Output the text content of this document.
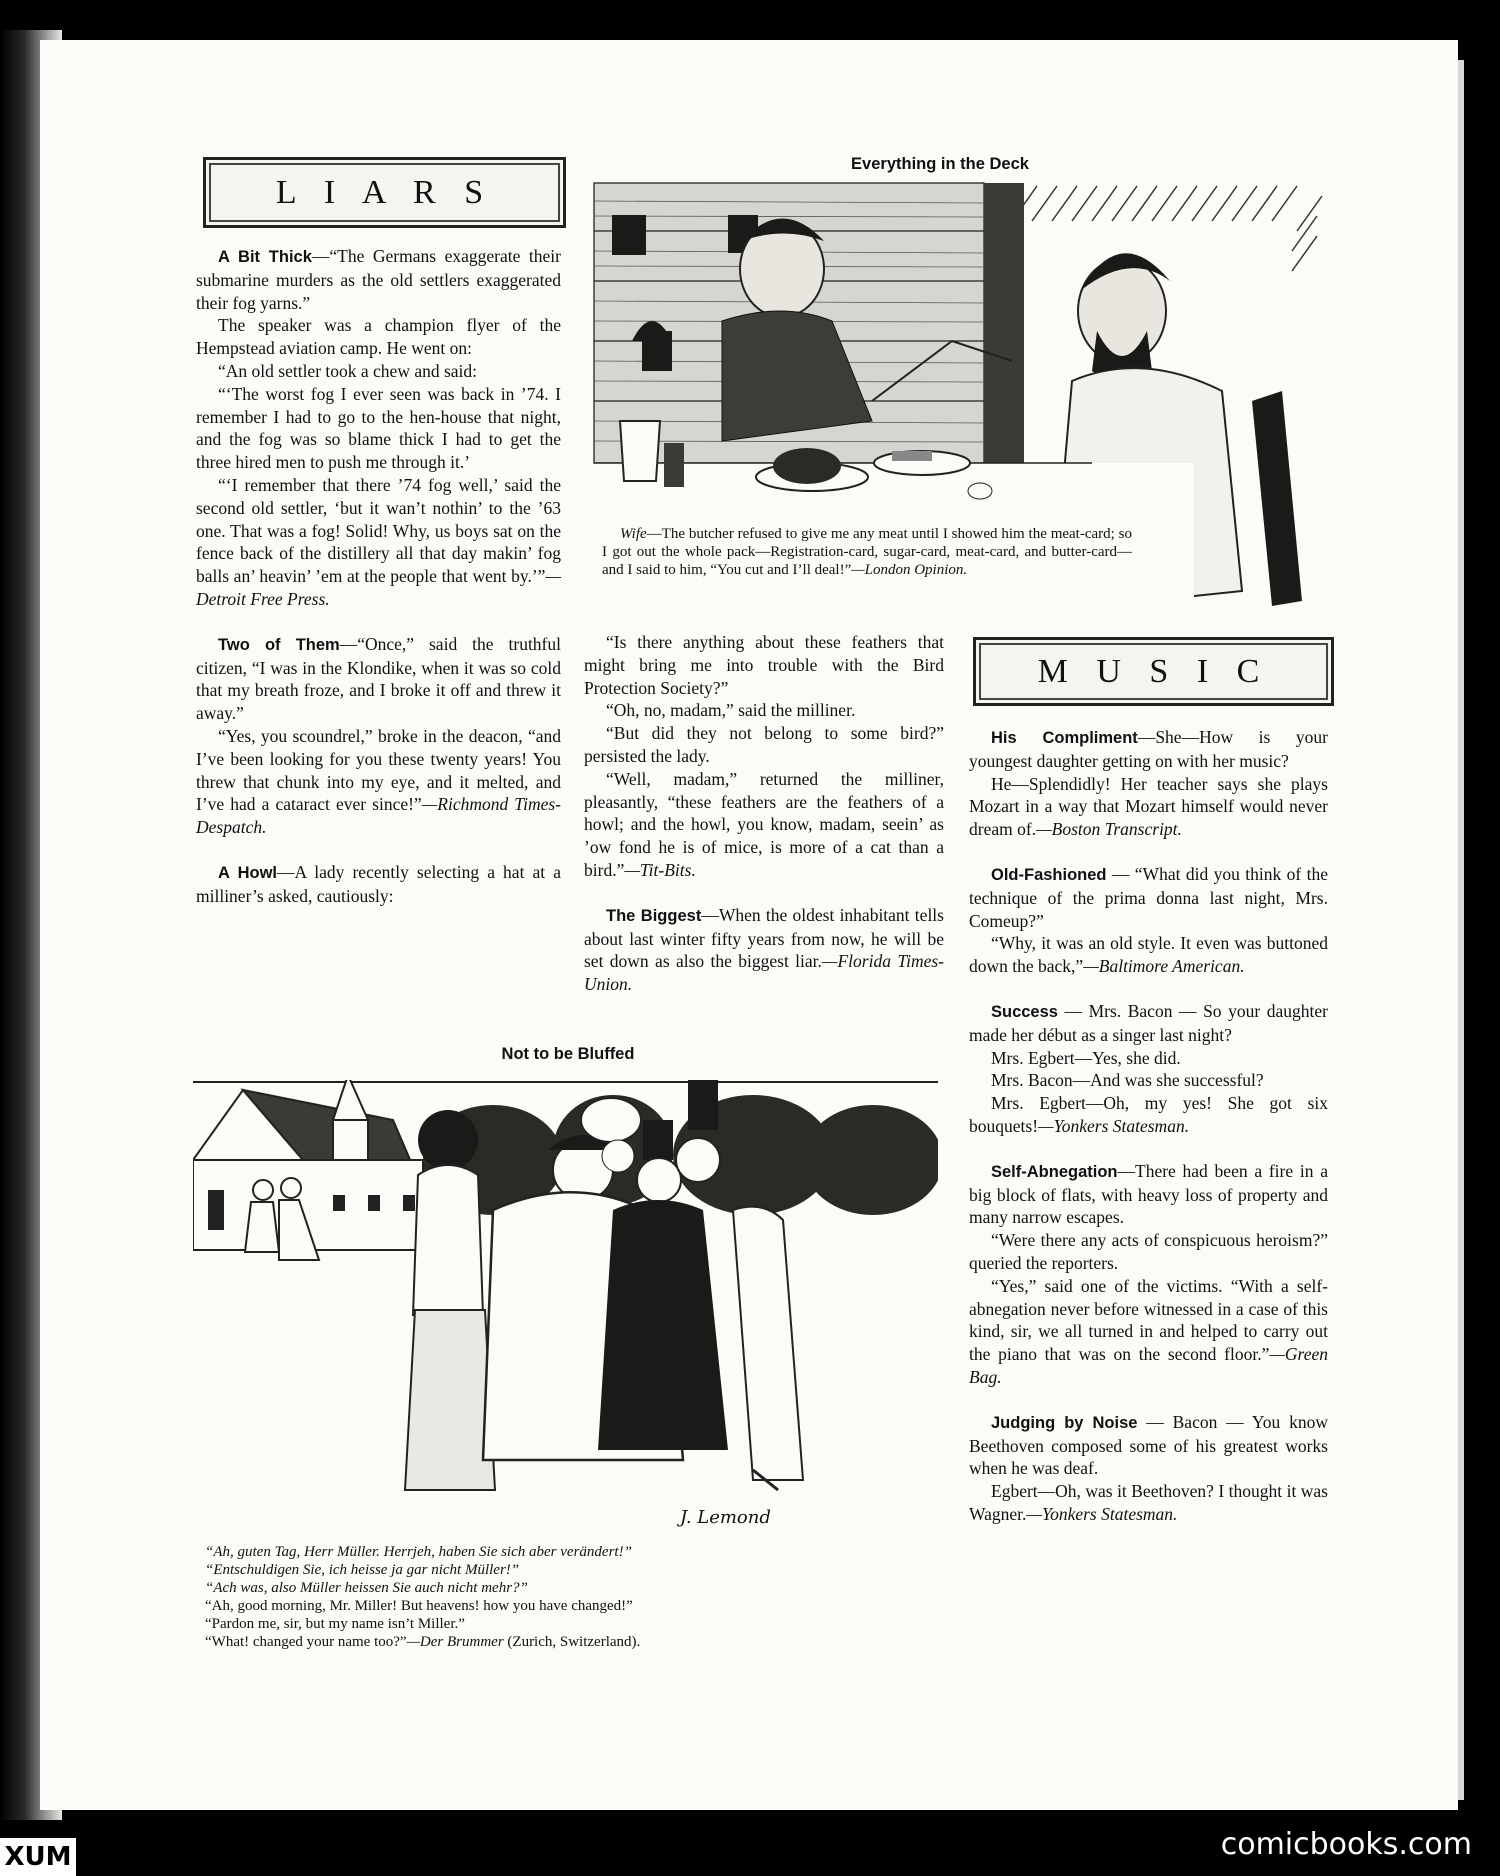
L I A R S

A Bit Thick—“The Germans exaggerate their submarine murders as the old settlers exaggerated their fog yarns.”

The speaker was a champion flyer of the Hempstead aviation camp. He went on:

“An old settler took a chew and said:

“‘The worst fog I ever seen was back in ’74. I remember I had to go to the hen-house that night, and the fog was so blame thick I had to get the three hired men to push me through it.’

“‘I remember that there ’74 fog well,’ said the second old settler, ‘but it wan’t nothin’ to the ’63 one. That was a fog! Solid! Why, us boys sat on the fence back of the distillery all that day makin’ fog balls an’ heavin’ ’em at the people that went by.’”—Detroit Free Press.

Two of Them—“Once,” said the truthful citizen, “I was in the Klondike, when it was so cold that my breath froze, and I broke it off and threw it away.”

“Yes, you scoundrel,” broke in the deacon, “and I’ve been looking for you these twenty years! You threw that chunk into my eye, and it melted, and I’ve had a cataract ever since!”—Richmond Times-Despatch.

A Howl—A lady recently selecting a hat at a milliner’s asked, cautiously:

Everything in the Deck
Wife—The butcher refused to give me any meat until I showed him the meat-card; so I got out the whole pack—Registration-card, sugar-card, meat-card, and butter-card—and I said to him, “You cut and I’ll deal!”—London Opinion.

“Is there anything about these feathers that might bring me into trouble with the Bird Protection Society?”

“Oh, no, madam,” said the milliner.

“But did they not belong to some bird?” persisted the lady.

“Well, madam,” returned the milliner, pleasantly, “these feathers are the feathers of a howl; and the howl, you know, madam, seein’ as ’ow fond he is of mice, is more of a cat than a bird.”—Tit-Bits.

The Biggest—When the oldest inhabitant tells about last winter fifty years from now, he will be set down as also the biggest liar.—Florida Times-Union.

M U S I C

His Compliment—She—How is your youngest daughter getting on with her music?

He—Splendidly! Her teacher says she plays Mozart in a way that Mozart himself would never dream of.—Boston Transcript.

Old-Fashioned — “What did you think of the technique of the prima donna last night, Mrs. Comeup?”

“Why, it was an old style. It even was buttoned down the back,”—Baltimore American.

Success — Mrs. Bacon — So your daughter made her début as a singer last night?

Mrs. Egbert—Yes, she did.

Mrs. Bacon—And was she successful?

Mrs. Egbert—Oh, my yes! She got six bouquets!—Yonkers Statesman.

Self-Abnegation—There had been a fire in a big block of flats, with heavy loss of property and many narrow escapes.

“Were there any acts of conspicuous heroism?” queried the reporters.

“Yes,” said one of the victims. “With a self-abnegation never before witnessed in a case of this kind, sir, we all turned in and helped to carry out the piano that was on the second floor.”—Green Bag.

Judging by Noise — Bacon — You know Beethoven composed some of his greatest works when he was deaf.

Egbert—Oh, was it Beethoven? I thought it was Wagner.—Yonkers Statesman.

Not to be Bluffed
J. Lemond
“Ah, guten Tag, Herr Müller. Herrjeh, haben Sie sich aber verändert!”
“Entschuldigen Sie, ich heisse ja gar nicht Müller!”
“Ach was, also Müller heissen Sie auch nicht mehr?”
“Ah, good morning, Mr. Miller! But heavens! how you have changed!”
“Pardon me, sir, but my name isn’t Miller.”
“What! changed your name too?”—Der Brummer (Zurich, Switzerland).
comicbooks.com
XUM
